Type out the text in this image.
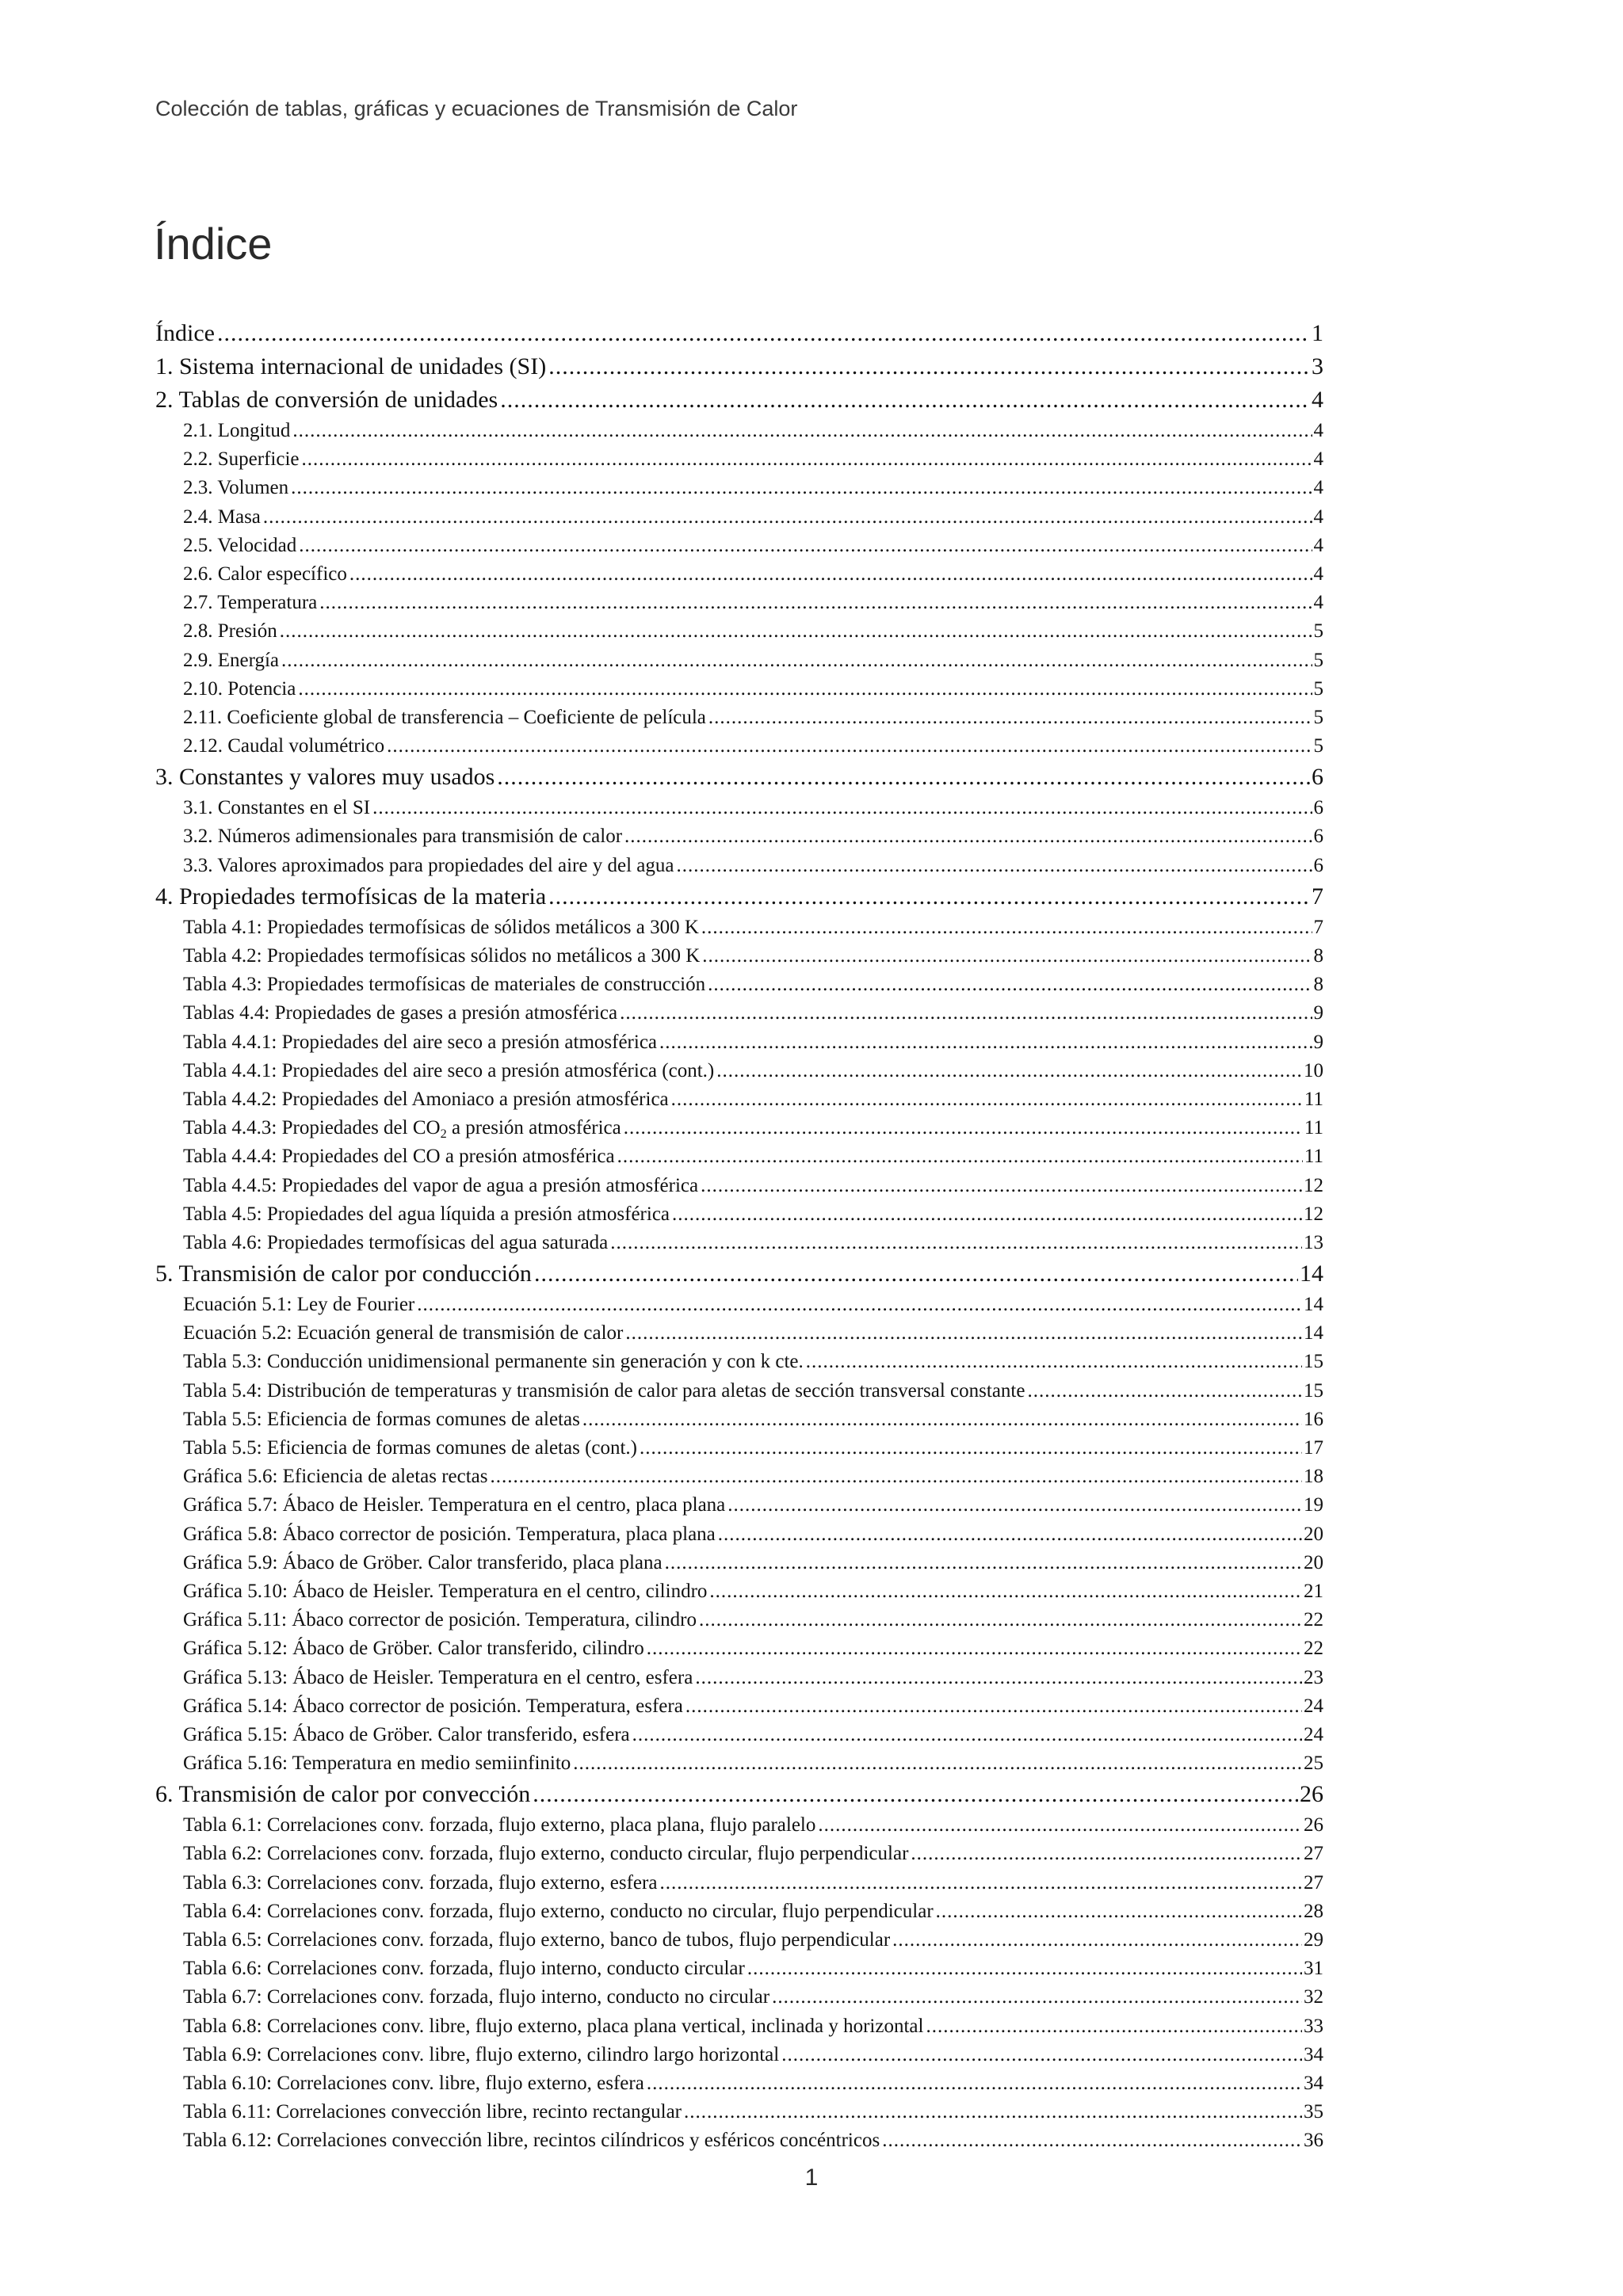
Colección de tablas, gráficas y ecuaciones de Transmisión de Calor
Índice
Índice .....	1
1. Sistema internacional de unidades (SI) .....	3
2. Tablas de conversión de unidades .....	4
2.1. Longitud .....	4
2.2. Superficie .....	4
2.3. Volumen .....	4
2.4. Masa .....	4
2.5. Velocidad .....	4
2.6. Calor específico .....	4
2.7. Temperatura .....	4
2.8. Presión .....	5
2.9. Energía .....	5
2.10. Potencia .....	5
2.11. Coeficiente global de transferencia – Coeficiente de película .....	5
2.12. Caudal volumétrico .....	5
3. Constantes y valores muy usados .....	6
3.1. Constantes en el SI .....	6
3.2. Números adimensionales para transmisión de calor .....	6
3.3. Valores aproximados para propiedades del aire y del agua .....	6
4. Propiedades termofísicas de la materia .....	7
Tabla 4.1: Propiedades termofísicas de sólidos metálicos a 300 K .....	7
Tabla 4.2: Propiedades termofísicas sólidos no metálicos a 300 K .....	8
Tabla 4.3: Propiedades termofísicas de materiales de construcción .....	8
Tablas 4.4: Propiedades de gases a presión atmosférica .....	9
Tabla 4.4.1: Propiedades del aire seco a presión atmosférica .....	9
Tabla 4.4.1: Propiedades del aire seco a presión atmosférica (cont.) .....	10
Tabla 4.4.2: Propiedades del Amoniaco a presión atmosférica .....	11
Tabla 4.4.3: Propiedades del $CO_2$ a presión atmosférica .....	11
Tabla 4.4.4: Propiedades del CO a presión atmosférica .....	11
Tabla 4.4.5: Propiedades del vapor de agua a presión atmosférica .....	12
Tabla 4.5: Propiedades del agua líquida a presión atmosférica .....	12
Tabla 4.6: Propiedades termofísicas del agua saturada .....	13
5. Transmisión de calor por conducción .....	14
Ecuación 5.1: Ley de Fourier .....	14
Ecuación 5.2: Ecuación general de transmisión de calor .....	14
Tabla 5.3: Conducción unidimensional permanente sin generación y con k cte. .....	15
Tabla 5.4: Distribución de temperaturas y transmisión de calor para aletas de sección transversal constante .....	15
Tabla 5.5: Eficiencia de formas comunes de aletas .....	16
Tabla 5.5: Eficiencia de formas comunes de aletas (cont.) .....	17
Gráfica 5.6: Eficiencia de aletas rectas .....	18
Gráfica 5.7: Ábaco de Heisler. Temperatura en el centro, placa plana .....	19
Gráfica 5.8: Ábaco corrector de posición. Temperatura, placa plana .....	20
Gráfica 5.9: Ábaco de Gröber. Calor transferido, placa plana .....	20
Gráfica 5.10: Ábaco de Heisler. Temperatura en el centro, cilindro .....	21
Gráfica 5.11: Ábaco corrector de posición. Temperatura, cilindro .....	22
Gráfica 5.12: Ábaco de Gröber. Calor transferido, cilindro .....	22
Gráfica 5.13: Ábaco de Heisler. Temperatura en el centro, esfera .....	23
Gráfica 5.14: Ábaco corrector de posición. Temperatura, esfera .....	24
Gráfica 5.15: Ábaco de Gröber. Calor transferido, esfera .....	24
Gráfica 5.16: Temperatura en medio semiinfinito .....	25
6. Transmisión de calor por convección .....	26
Tabla 6.1: Correlaciones conv. forzada, flujo externo, placa plana, flujo paralelo .....	26
Tabla 6.2: Correlaciones conv. forzada, flujo externo, conducto circular, flujo perpendicular .....	27
Tabla 6.3: Correlaciones conv. forzada, flujo externo, esfera .....	27
Tabla 6.4: Correlaciones conv. forzada, flujo externo, conducto no circular, flujo perpendicular .....	28
Tabla 6.5: Correlaciones conv. forzada, flujo externo, banco de tubos, flujo perpendicular .....	29
Tabla 6.6: Correlaciones conv. forzada, flujo interno, conducto circular .....	31
Tabla 6.7: Correlaciones conv. forzada, flujo interno, conducto no circular .....	32
Tabla 6.8: Correlaciones conv. libre, flujo externo, placa plana vertical, inclinada y horizontal .....	33
Tabla 6.9: Correlaciones conv. libre, flujo externo, cilindro largo horizontal .....	34
Tabla 6.10: Correlaciones conv. libre, flujo externo, esfera .....	34
Tabla 6.11: Correlaciones convección libre, recinto rectangular .....	35
Tabla 6.12: Correlaciones convección libre, recintos cilíndricos y esféricos concéntricos .....	36
1
